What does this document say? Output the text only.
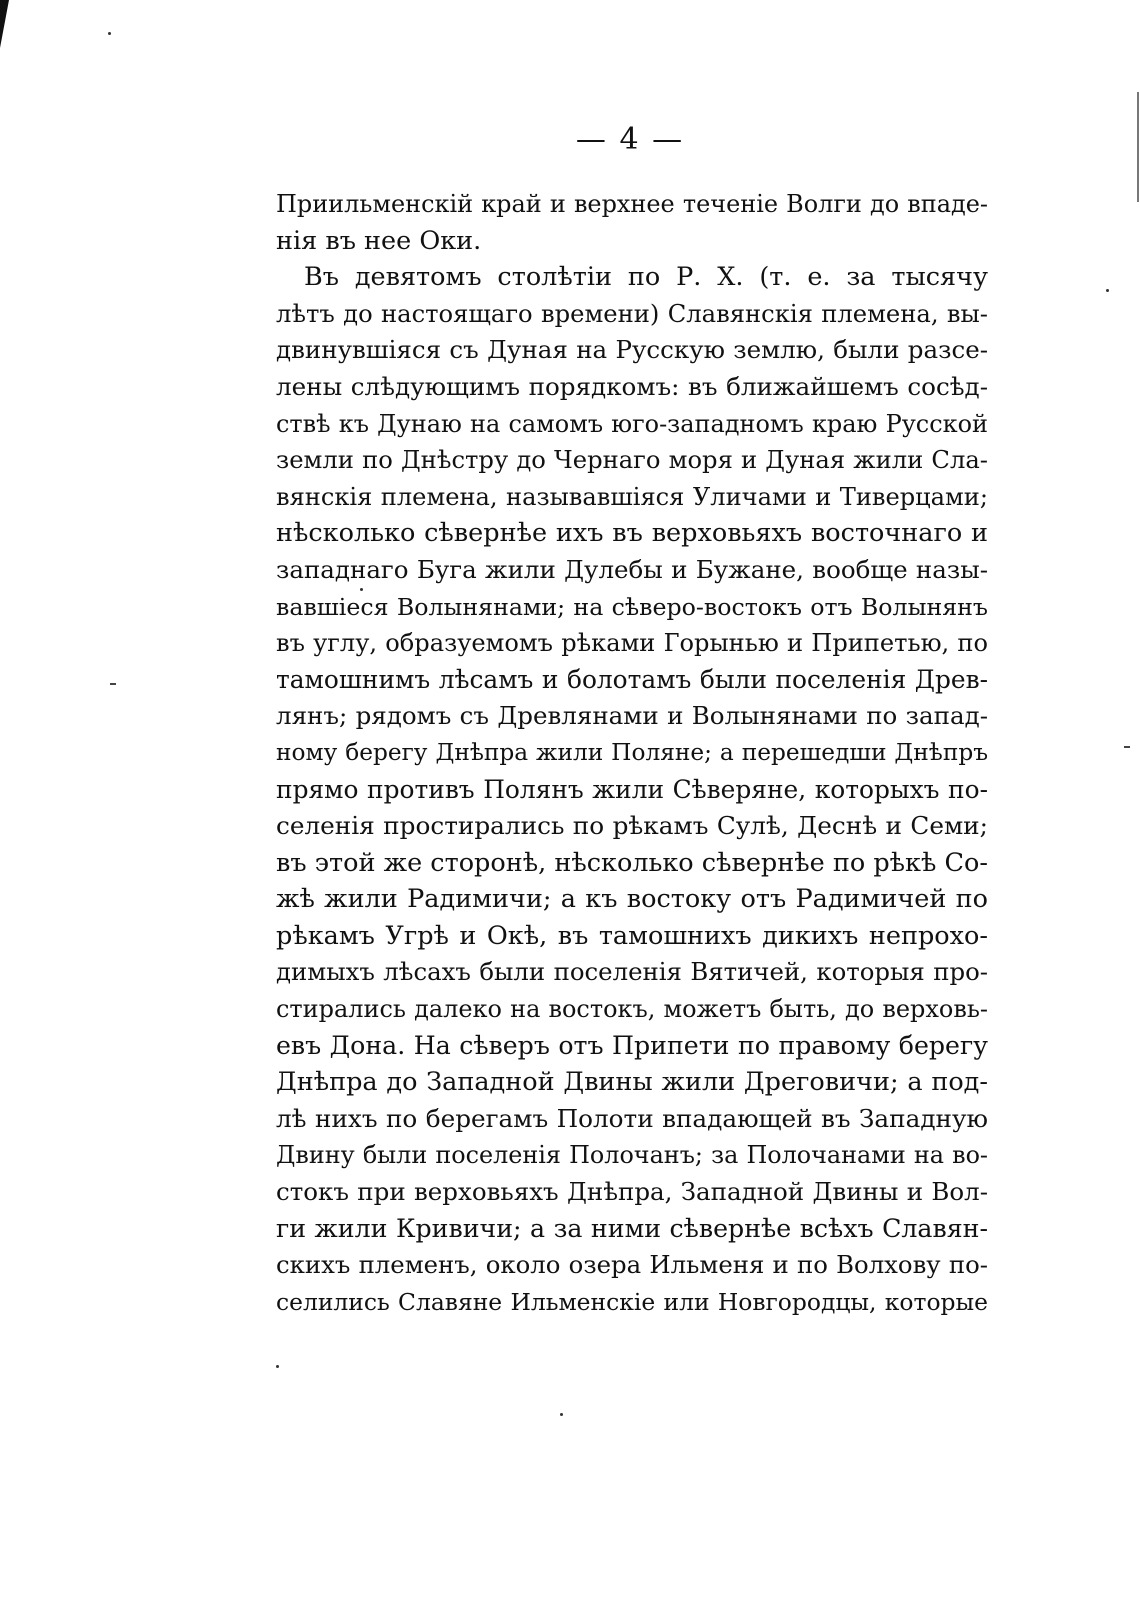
— 4 —
Приильменскій край и верхнее теченіе Волги до впаде-
нія въ нее Оки.
Въ девятомъ столѣтіи по Р. Х. (т. е. за тысячу
лѣтъ до настоящаго времени) Славянскія племена, вы-
двинувшіяся съ Дуная на Русскую землю, были разсе-
лены слѣдующимъ порядкомъ: въ ближайшемъ сосѣд-
ствѣ къ Дунаю на самомъ юго-западномъ краю Русской
земли по Днѣстру до Чернаго моря и Дуная жили Сла-
вянскія племена, называвшіяся Уличами и Тиверцами;
нѣсколько сѣвернѣе ихъ въ верховьяхъ восточнаго и
западнаго Буга жили Дулебы и Бужане, вообще назы-
вавшіеся Волынянами; на сѣверо-востокъ отъ Волынянъ
въ углу, образуемомъ рѣками Горынью и Припетью, по
тамошнимъ лѣсамъ и болотамъ были поселенія Древ-
лянъ; рядомъ съ Древлянами и Волынянами по запад-
ному берегу Днѣпра жили Поляне; а перешедши Днѣпръ
прямо противъ Полянъ жили Сѣверяне, которыхъ по-
селенія простирались по рѣкамъ Сулѣ, Деснѣ и Семи;
въ этой же сторонѣ, нѣсколько сѣвернѣе по рѣкѣ Со-
жѣ жили Радимичи; а къ востоку отъ Радимичей по
рѣкамъ Угрѣ и Окѣ, въ тамошнихъ дикихъ непрохо-
димыхъ лѣсахъ были поселенія Вятичей, которыя про-
стирались далеко на востокъ, можетъ быть, до верховь-
евъ Дона. На сѣверъ отъ Припети по правому берегу
Днѣпра до Западной Двины жили Дреговичи; а под-
лѣ нихъ по берегамъ Полоти впадающей въ Западную
Двину были поселенія Полочанъ; за Полочанами на во-
стокъ при верховьяхъ Днѣпра, Западной Двины и Вол-
ги жили Кривичи; а за ними сѣвернѣе всѣхъ Славян-
скихъ племенъ, около озера Ильменя и по Волхову по-
селились Славяне Ильменскіе или Новгородцы, которые
